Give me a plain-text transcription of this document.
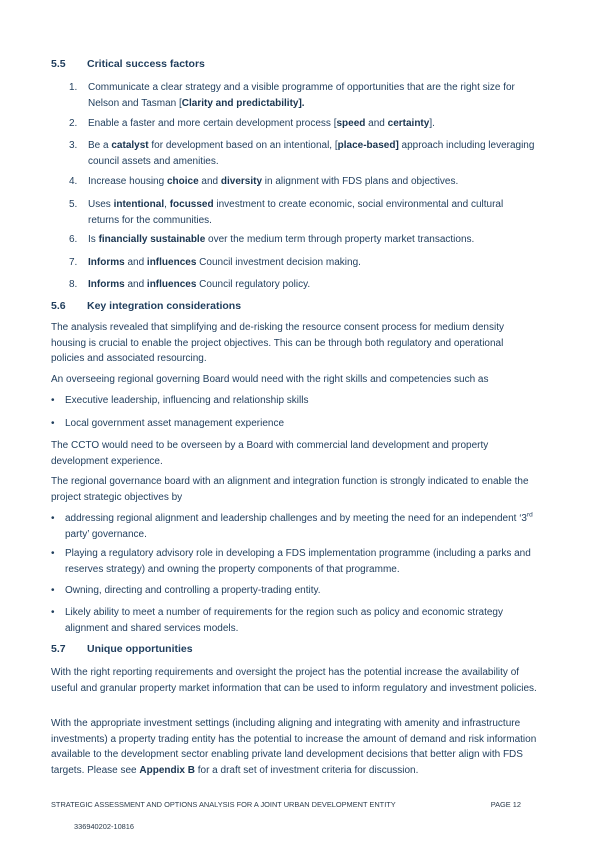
5.5 Critical success factors
1. Communicate a clear strategy and a visible programme of opportunities that are the right size for Nelson and Tasman [Clarity and predictability].
2. Enable a faster and more certain development process [speed and certainty].
3. Be a catalyst for development based on an intentional, [place-based] approach including leveraging council assets and amenities.
4. Increase housing choice and diversity in alignment with FDS plans and objectives.
5. Uses intentional, focussed investment to create economic, social environmental and cultural returns for the communities.
6. Is financially sustainable over the medium term through property market transactions.
7. Informs and influences Council investment decision making.
8. Informs and influences Council regulatory policy.
5.6 Key integration considerations
The analysis revealed that simplifying and de-risking the resource consent process for medium density housing is crucial to enable the project objectives. This can be through both regulatory and operational policies and associated resourcing.
An overseeing regional governing Board would need with the right skills and competencies such as
• Executive leadership, influencing and relationship skills
• Local government asset management experience
The CCTO would need to be overseen by a Board with commercial land development and property development experience.
The regional governance board with an alignment and integration function is strongly indicated to enable the project strategic objectives by
• addressing regional alignment and leadership challenges and by meeting the need for an independent ‘3rd party’ governance.
• Playing a regulatory advisory role in developing a FDS implementation programme (including a parks and reserves strategy) and owning the property components of that programme.
• Owning, directing and controlling a property-trading entity.
• Likely ability to meet a number of requirements for the region such as policy and economic strategy alignment and shared services models.
5.7 Unique opportunities
With the right reporting requirements and oversight the project has the potential increase the availability of useful and granular property market information that can be used to inform regulatory and investment policies.
With the appropriate investment settings (including aligning and integrating with amenity and infrastructure investments) a property trading entity has the potential to increase the amount of demand and risk information available to the development sector enabling private land development decisions that better align with FDS targets. Please see Appendix B for a draft set of investment criteria for discussion.
STRATEGIC ASSESSMENT AND OPTIONS ANALYSIS FOR A JOINT URBAN DEVELOPMENT ENTITY	PAGE 12
336940202-10816
